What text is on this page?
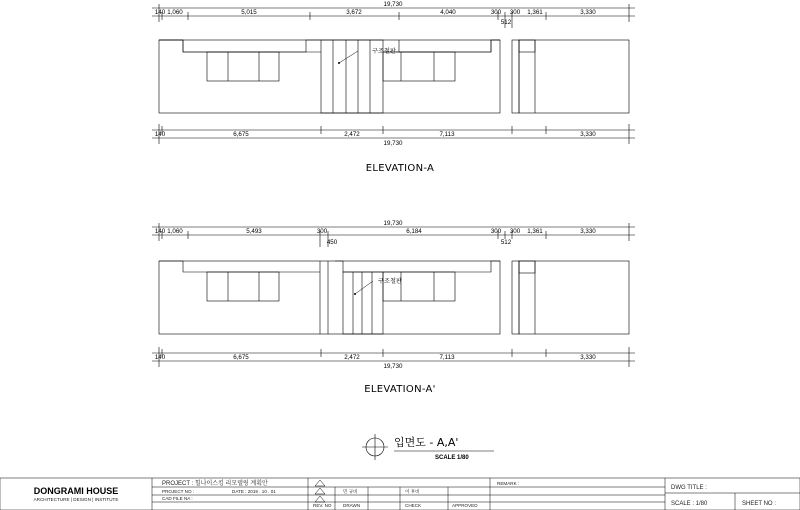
19,730
140 1,060	5,015	3,672	4,040	300 300 1,361	3,330
512
구조철판
140	6,675	2,472	7,113	3,330
19,730
ELEVATION-A
19,730
140 1,060	5,493	300	6,184	300 300 1,361	3,330
450	512
구조철판
140	6,675	2,472	7,113	3,330
19,730
ELEVATION-A'
입면도 - A,A'
SCALE 1/80
DONGRAMI HOUSE
ARCHITECTURE | DESIGN | INSTITUTE
PROJECT : 힐나이스킹 리모델링 계획안
PROJECT NO :	DATE : 2019 . 10 . 01
CAD FILE NA :
REV. NO
민 규비
DRAWN
이 후비
CHECK	APPROVED
REMARK :
DWG TITLE :
SCALE : 1/80	SHEET NO :
